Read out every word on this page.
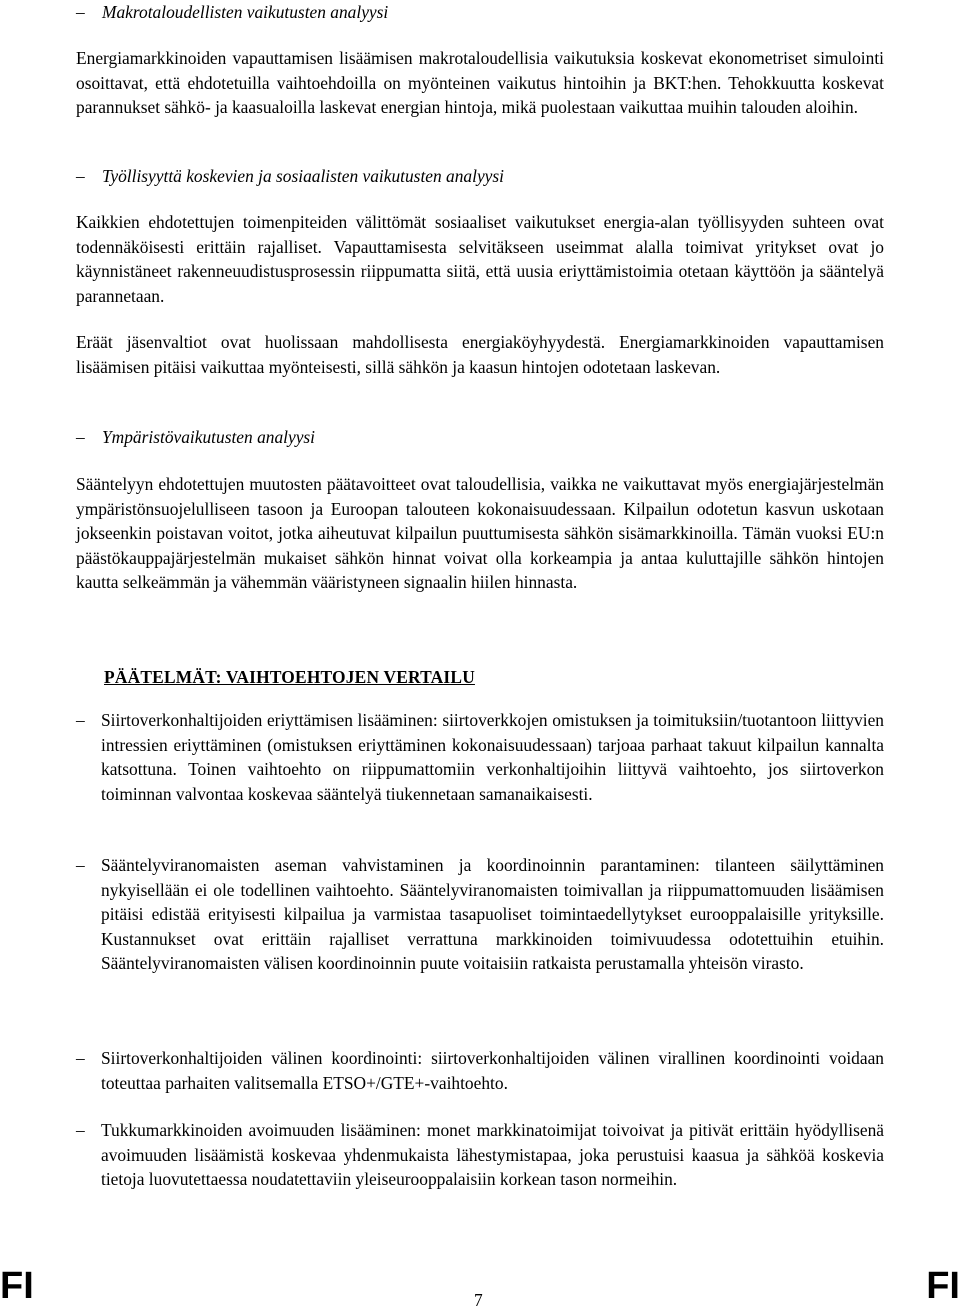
– Makrotaloudellisten vaikutusten analyysi

Energiamarkkinoiden vapauttamisen lisäämisen makrotaloudellisia vaikutuksia koskevat ekonometriset simulointi osoittavat, että ehdotetuilla vaihtoehdoilla on myönteinen vaikutus hintoihin ja BKT:hen. Tehokkuutta koskevat parannukset sähkö- ja kaasualoilla laskevat energian hintoja, mikä puolestaan vaikuttaa muihin talouden aloihin.

– Työllisyyttä koskevien ja sosiaalisten vaikutusten analyysi

Kaikkien ehdotettujen toimenpiteiden välittömät sosiaaliset vaikutukset energia-alan työllisyyden suhteen ovat todennäköisesti erittäin rajalliset. Vapauttamisesta selvitäkseen useimmat alalla toimivat yritykset ovat jo käynnistäneet rakenneuudistusprosessin riippumatta siitä, että uusia eriyttämistoimia otetaan käyttöön ja sääntelyä parannetaan.

Eräät jäsenvaltiot ovat huolissaan mahdollisesta energiaköyhyydestä. Energiamarkkinoiden vapauttamisen lisäämisen pitäisi vaikuttaa myönteisesti, sillä sähkön ja kaasun hintojen odotetaan laskevan.

– Ympäristövaikutusten analyysi

Sääntelyyn ehdotettujen muutosten päätavoitteet ovat taloudellisia, vaikka ne vaikuttavat myös energiajärjestelmän ympäristönsuojelulliseen tasoon ja Euroopan talouteen kokonaisuudessaan. Kilpailun odotetun kasvun uskotaan jokseenkin poistavan voitot, jotka aiheutuvat kilpailun puuttumisesta sähkön sisämarkkinoilla. Tämän vuoksi EU:n päästökauppajärjestelmän mukaiset sähkön hinnat voivat olla korkeampia ja antaa kuluttajille sähkön hintojen kautta selkeämmän ja vähemmän vääristyneen signaalin hiilen hinnasta.

PÄÄTELMÄT: VAIHTOEHTOJEN VERTAILU

– Siirtoverkonhaltijoiden eriyttämisen lisääminen: siirtoverkkojen omistuksen ja toimituksiin/tuotantoon liittyvien intressien eriyttäminen (omistuksen eriyttäminen kokonaisuudessaan) tarjoaa parhaat takuut kilpailun kannalta katsottuna. Toinen vaihtoehto on riippumattomiin verkonhaltijoihin liittyvä vaihtoehto, jos siirtoverkon toiminnan valvontaa koskevaa sääntelyä tiukennetaan samanaikaisesti.
– Sääntelyviranomaisten aseman vahvistaminen ja koordinoinnin parantaminen: tilanteen säilyttäminen nykyisellään ei ole todellinen vaihtoehto. Sääntelyviranomaisten toimivallan ja riippumattomuuden lisäämisen pitäisi edistää erityisesti kilpailua ja varmistaa tasapuoliset toimintaedellytykset eurooppalaisille yrityksille. Kustannukset ovat erittäin rajalliset verrattuna markkinoiden toimivuudessa odotettuihin etuihin. Sääntelyviranomaisten välisen koordinoinnin puute voitaisiin ratkaista perustamalla yhteisön virasto.
– Siirtoverkonhaltijoiden välinen koordinointi: siirtoverkonhaltijoiden välinen virallinen koordinointi voidaan toteuttaa parhaiten valitsemalla ETSO+/GTE+-vaihtoehto.
– Tukkumarkkinoiden avoimuuden lisääminen: monet markkinatoimijat toivoivat ja pitivät erittäin hyödyllisenä avoimuuden lisäämistä koskevaa yhdenmukaista lähestymistapaa, joka perustuisi kaasua ja sähköä koskevia tietoja luovutettaessa noudatettaviin yleiseurooppalaisiin korkean tason normeihin.

FI	7	FI
